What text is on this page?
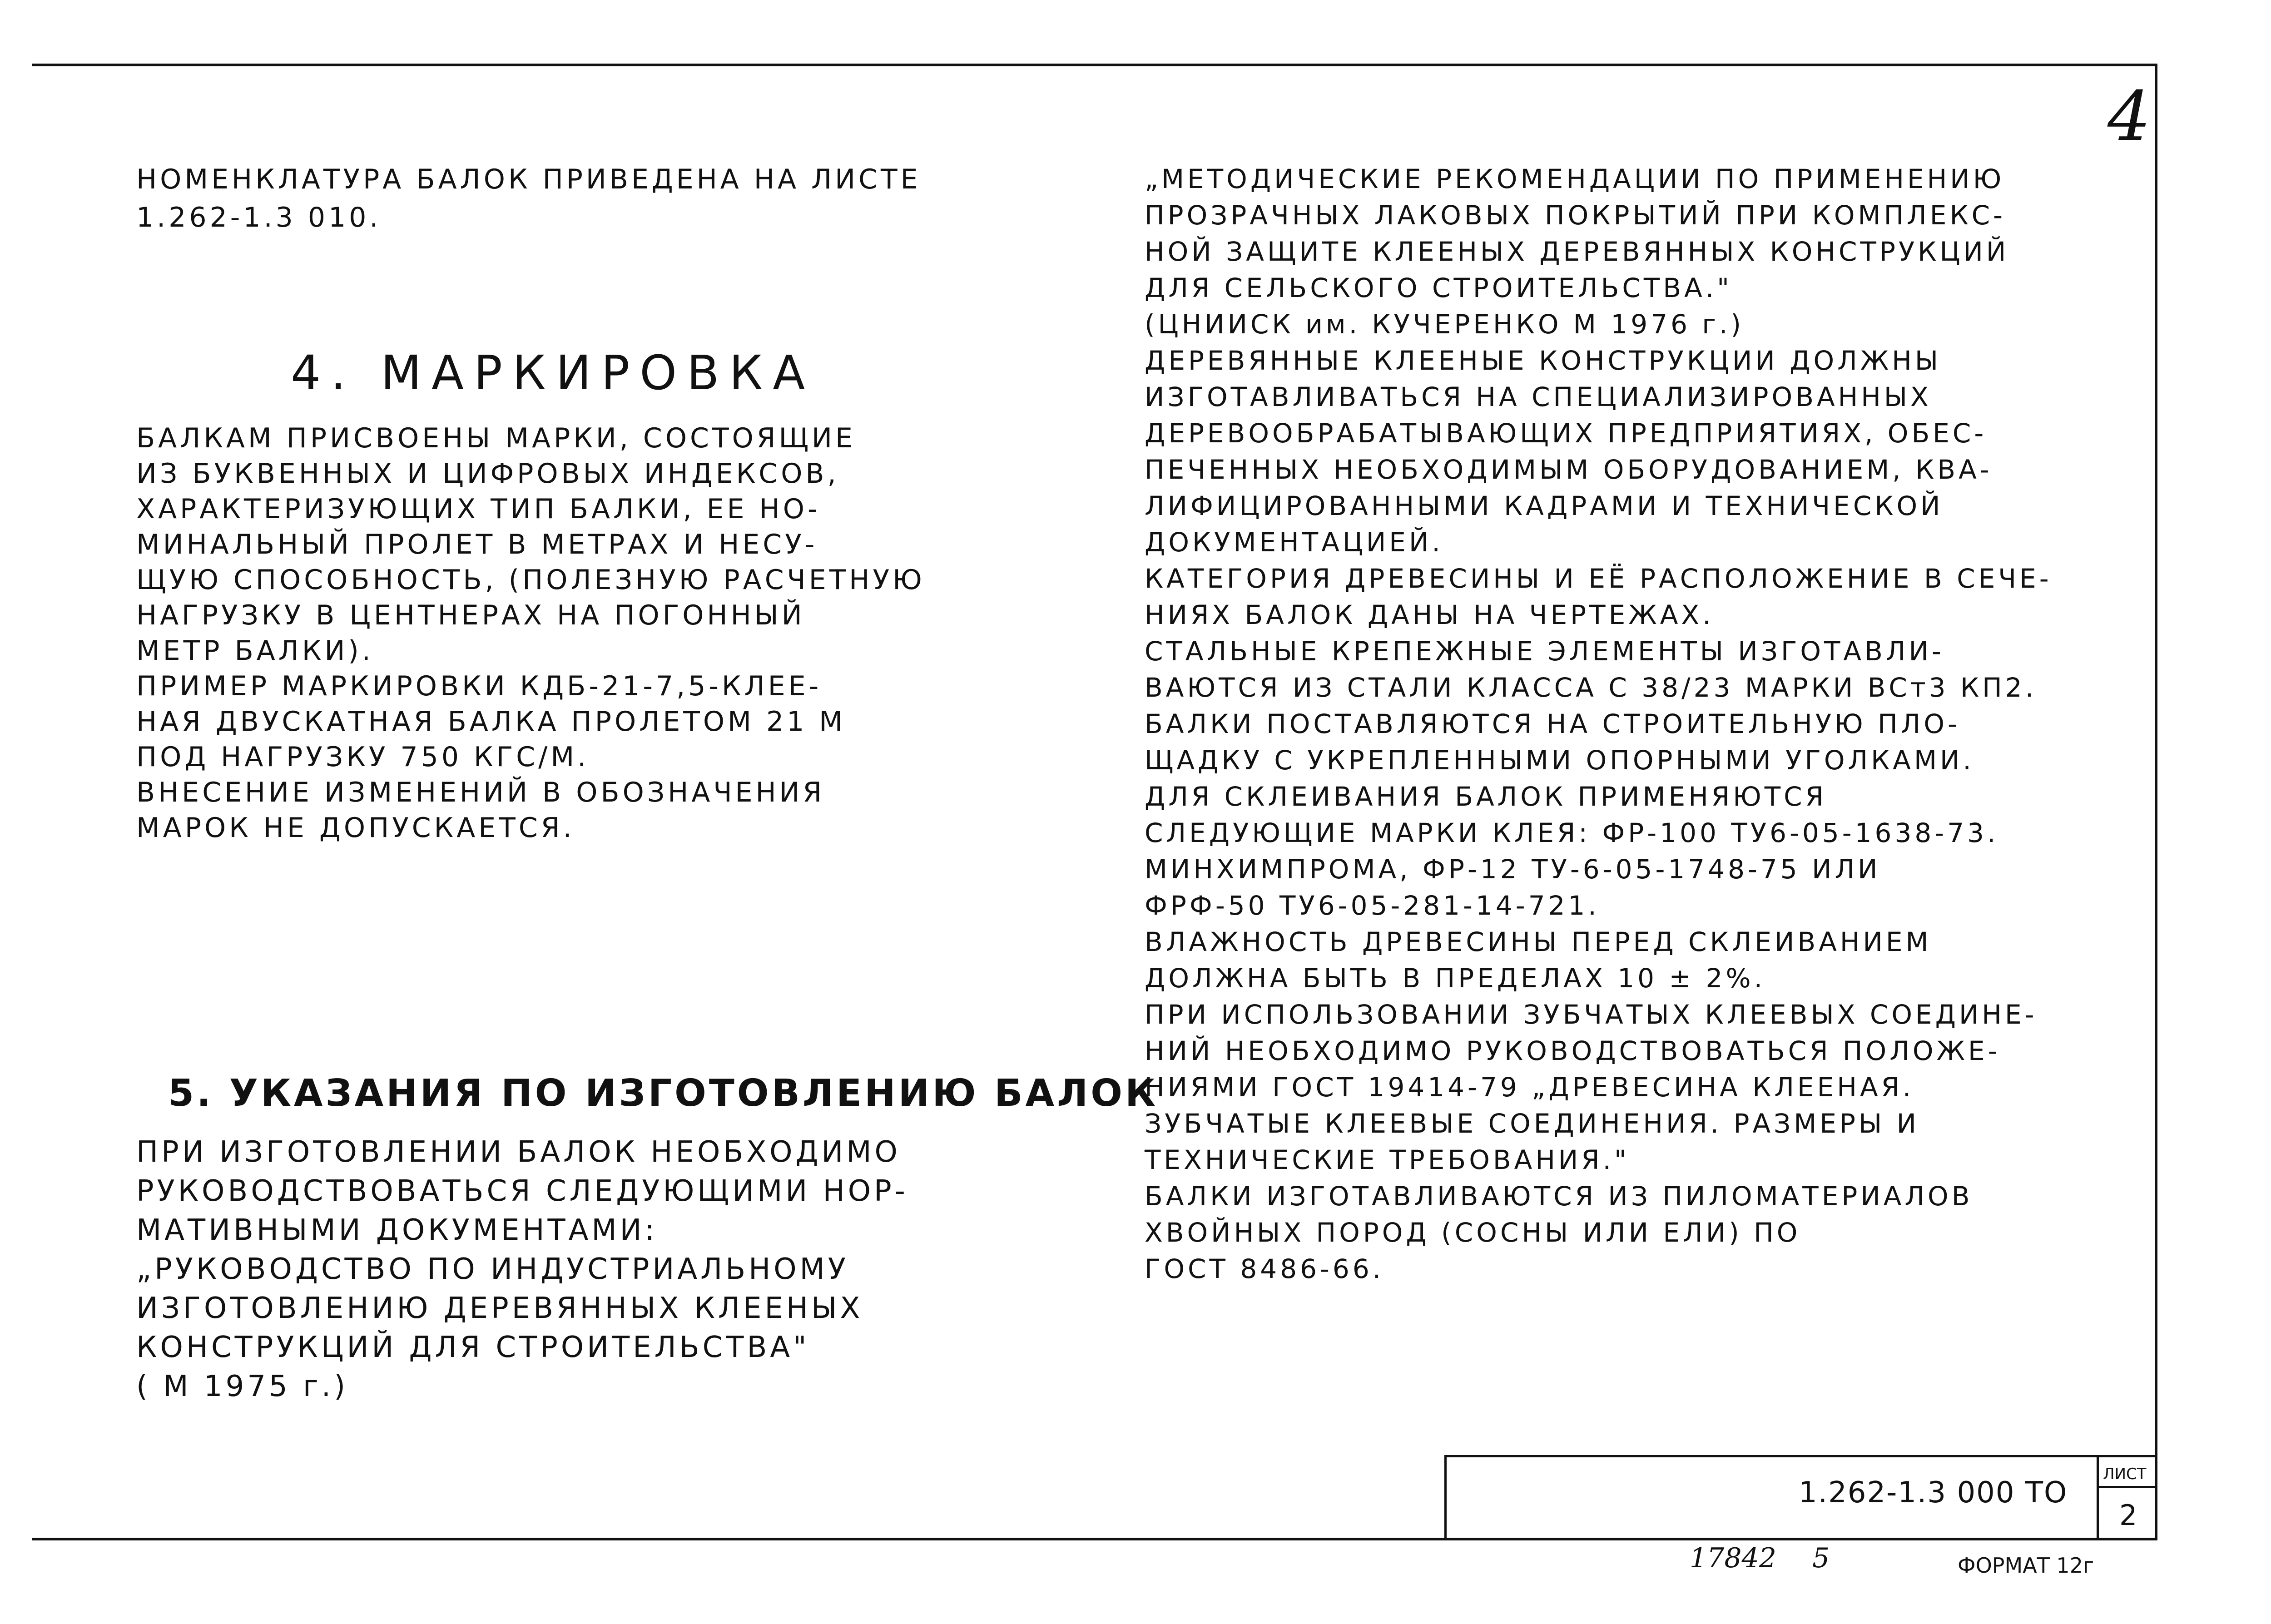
4
НОМЕНКЛАТУРА БАЛОК ПРИВЕДЕНА НА ЛИСТЕ
1.262-1.3 010.
4. МАРКИРОВКА
БАЛКАМ ПРИСВОЕНЫ МАРКИ, СОСТОЯЩИЕ
ИЗ БУКВЕННЫХ И ЦИФРОВЫХ ИНДЕКСОВ,
ХАРАКТЕРИЗУЮЩИХ ТИП БАЛКИ, ЕЕ НО-
МИНАЛЬНЫЙ ПРОЛЕТ В МЕТРАХ И НЕСУ-
ЩУЮ СПОСОБНОСТЬ, (ПОЛЕЗНУЮ РАСЧЕТНУЮ
НАГРУЗКУ В ЦЕНТНЕРАХ НА ПОГОННЫЙ
МЕТР БАЛКИ).
ПРИМЕР МАРКИРОВКИ КДБ-21-7,5-КЛЕЕ-
НАЯ ДВУСКАТНАЯ БАЛКА ПРОЛЕТОМ 21 М
ПОД НАГРУЗКУ 750 КГС/М.
ВНЕСЕНИЕ ИЗМЕНЕНИЙ В ОБОЗНАЧЕНИЯ
МАРОК НЕ ДОПУСКАЕТСЯ.
5. УКАЗАНИЯ ПО ИЗГОТОВЛЕНИЮ БАЛОК
ПРИ ИЗГОТОВЛЕНИИ БАЛОК НЕОБХОДИМО
РУКОВОДСТВОВАТЬСЯ СЛЕДУЮЩИМИ НОР-
МАТИВНЫМИ ДОКУМЕНТАМИ:
„РУКОВОДСТВО ПО ИНДУСТРИАЛЬНОМУ
ИЗГОТОВЛЕНИЮ ДЕРЕВЯННЫХ КЛЕЕНЫХ
КОНСТРУКЦИЙ ДЛЯ СТРОИТЕЛЬСТВА"
( М 1975 г.)
„МЕТОДИЧЕСКИЕ РЕКОМЕНДАЦИИ ПО ПРИМЕНЕНИЮ
ПРОЗРАЧНЫХ ЛАКОВЫХ ПОКРЫТИЙ ПРИ КОМПЛЕКС-
НОЙ ЗАЩИТЕ КЛЕЕНЫХ ДЕРЕВЯННЫХ КОНСТРУКЦИЙ
ДЛЯ СЕЛЬСКОГО СТРОИТЕЛЬСТВА."
(ЦНИИСК им. КУЧЕРЕНКО М 1976 г.)
ДЕРЕВЯННЫЕ КЛЕЕНЫЕ КОНСТРУКЦИИ ДОЛЖНЫ
ИЗГОТАВЛИВАТЬСЯ НА СПЕЦИАЛИЗИРОВАННЫХ
ДЕРЕВООБРАБАТЫВАЮЩИХ ПРЕДПРИЯТИЯХ, ОБЕС-
ПЕЧЕННЫХ НЕОБХОДИМЫМ ОБОРУДОВАНИЕМ, КВА-
ЛИФИЦИРОВАННЫМИ КАДРАМИ И ТЕХНИЧЕСКОЙ
ДОКУМЕНТАЦИЕЙ.
КАТЕГОРИЯ ДРЕВЕСИНЫ И ЕЁ РАСПОЛОЖЕНИЕ В СЕЧЕ-
НИЯХ БАЛОК ДАНЫ НА ЧЕРТЕЖАХ.
СТАЛЬНЫЕ КРЕПЕЖНЫЕ ЭЛЕМЕНТЫ ИЗГОТАВЛИ-
ВАЮТСЯ ИЗ СТАЛИ КЛАССА С 38/23 МАРКИ ВСт3 КП2.
БАЛКИ ПОСТАВЛЯЮТСЯ НА СТРОИТЕЛЬНУЮ ПЛО-
ЩАДКУ С УКРЕПЛЕННЫМИ ОПОРНЫМИ УГОЛКАМИ.
ДЛЯ СКЛЕИВАНИЯ БАЛОК ПРИМЕНЯЮТСЯ
СЛЕДУЮЩИЕ МАРКИ КЛЕЯ: ФР-100 ТУ6-05-1638-73.
МИНХИМПРОМА, ФР-12 ТУ-6-05-1748-75 ИЛИ
ФРФ-50 ТУ6-05-281-14-721.
ВЛАЖНОСТЬ ДРЕВЕСИНЫ ПЕРЕД СКЛЕИВАНИЕМ
ДОЛЖНА БЫТЬ В ПРЕДЕЛАХ 10 ± 2%.
ПРИ ИСПОЛЬЗОВАНИИ ЗУБЧАТЫХ КЛЕЕВЫХ СОЕДИНЕ-
НИЙ НЕОБХОДИМО РУКОВОДСТВОВАТЬСЯ ПОЛОЖЕ-
НИЯМИ ГОСТ 19414-79 „ДРЕВЕСИНА КЛЕЕНАЯ.
ЗУБЧАТЫЕ КЛЕЕВЫЕ СОЕДИНЕНИЯ. РАЗМЕРЫ И
ТЕХНИЧЕСКИЕ ТРЕБОВАНИЯ."
БАЛКИ ИЗГОТАВЛИВАЮТСЯ ИЗ ПИЛОМАТЕРИАЛОВ
ХВОЙНЫХ ПОРОД (СОСНЫ ИЛИ ЕЛИ) ПО
ГОСТ 8486-66.
1.262-1.3 000 ТО
ЛИСТ
2
17842 5	ФОРМАТ 12г
